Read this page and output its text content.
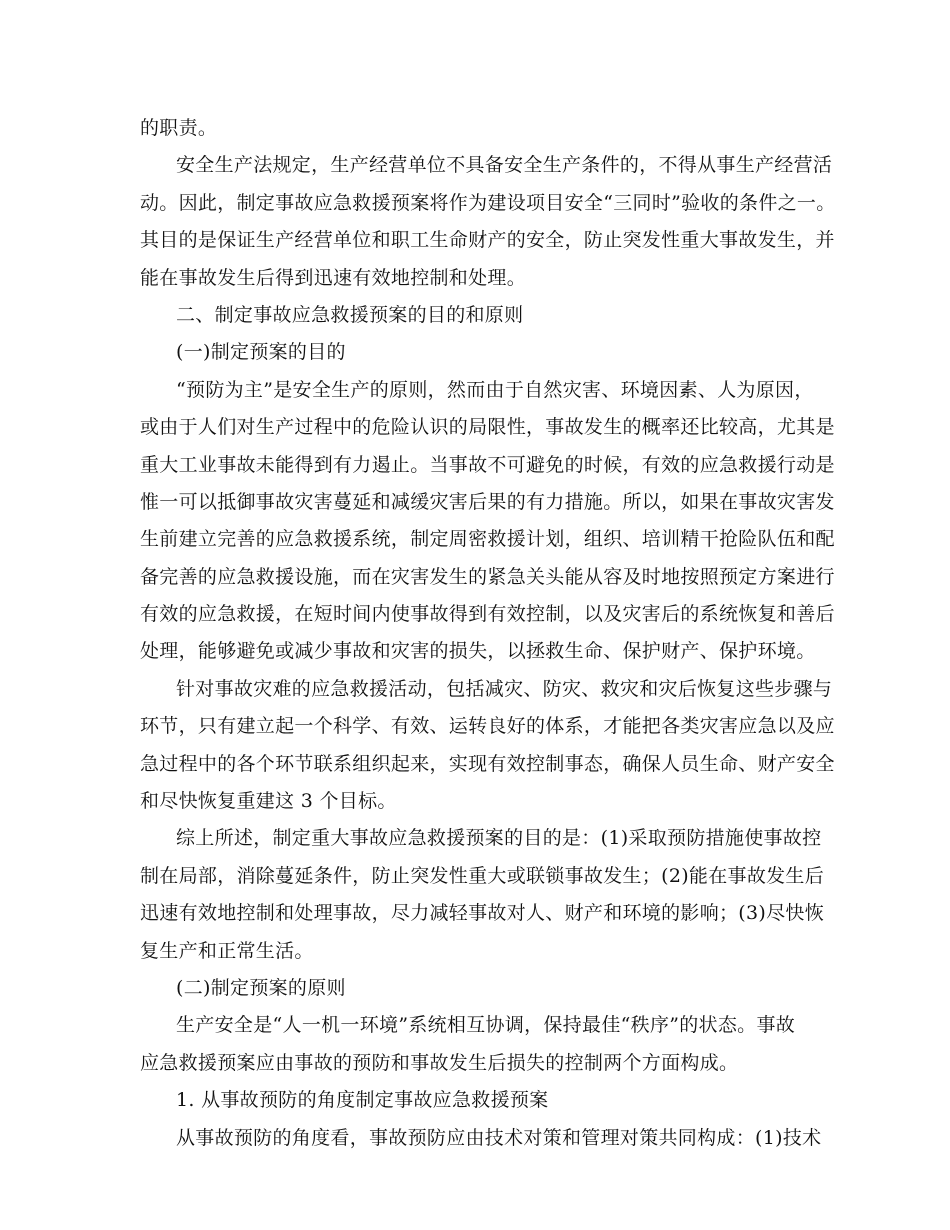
的职责。
安全生产法规定，生产经营单位不具备安全生产条件的，不得从事生产经营活
动。因此，制定事故应急救援预案将作为建设项目安全“三同时”验收的条件之一。
其目的是保证生产经营单位和职工生命财产的安全，防止突发性重大事故发生，并
能在事故发生后得到迅速有效地控制和处理。
二、制定事故应急救援预案的目的和原则
(一)制定预案的目的
“预防为主”是安全生产的原则，然而由于自然灾害、环境因素、人为原因，
或由于人们对生产过程中的危险认识的局限性，事故发生的概率还比较高，尤其是
重大工业事故未能得到有力遏止。当事故不可避免的时候，有效的应急救援行动是
惟一可以抵御事故灾害蔓延和减缓灾害后果的有力措施。所以，如果在事故灾害发
生前建立完善的应急救援系统，制定周密救援计划，组织、培训精干抢险队伍和配
备完善的应急救援设施，而在灾害发生的紧急关头能从容及时地按照预定方案进行
有效的应急救援，在短时间内使事故得到有效控制，以及灾害后的系统恢复和善后
处理，能够避免或减少事故和灾害的损失，以拯救生命、保护财产、保护环境。
针对事故灾难的应急救援活动，包括减灾、防灾、救灾和灾后恢复这些步骤与
环节，只有建立起一个科学、有效、运转良好的体系，才能把各类灾害应急以及应
急过程中的各个环节联系组织起来，实现有效控制事态，确保人员生命、财产安全
和尽快恢复重建这 3 个目标。
综上所述，制定重大事故应急救援预案的目的是：(1)采取预防措施使事故控
制在局部，消除蔓延条件，防止突发性重大或联锁事故发生；(2)能在事故发生后
迅速有效地控制和处理事故，尽力减轻事故对人、财产和环境的影响；(3)尽快恢
复生产和正常生活。
(二)制定预案的原则
生产安全是“人一机一环境”系统相互协调，保持最佳“秩序”的状态。事故
应急救援预案应由事故的预防和事故发生后损失的控制两个方面构成。
1. 从事故预防的角度制定事故应急救援预案
从事故预防的角度看，事故预防应由技术对策和管理对策共同构成：(1)技术
